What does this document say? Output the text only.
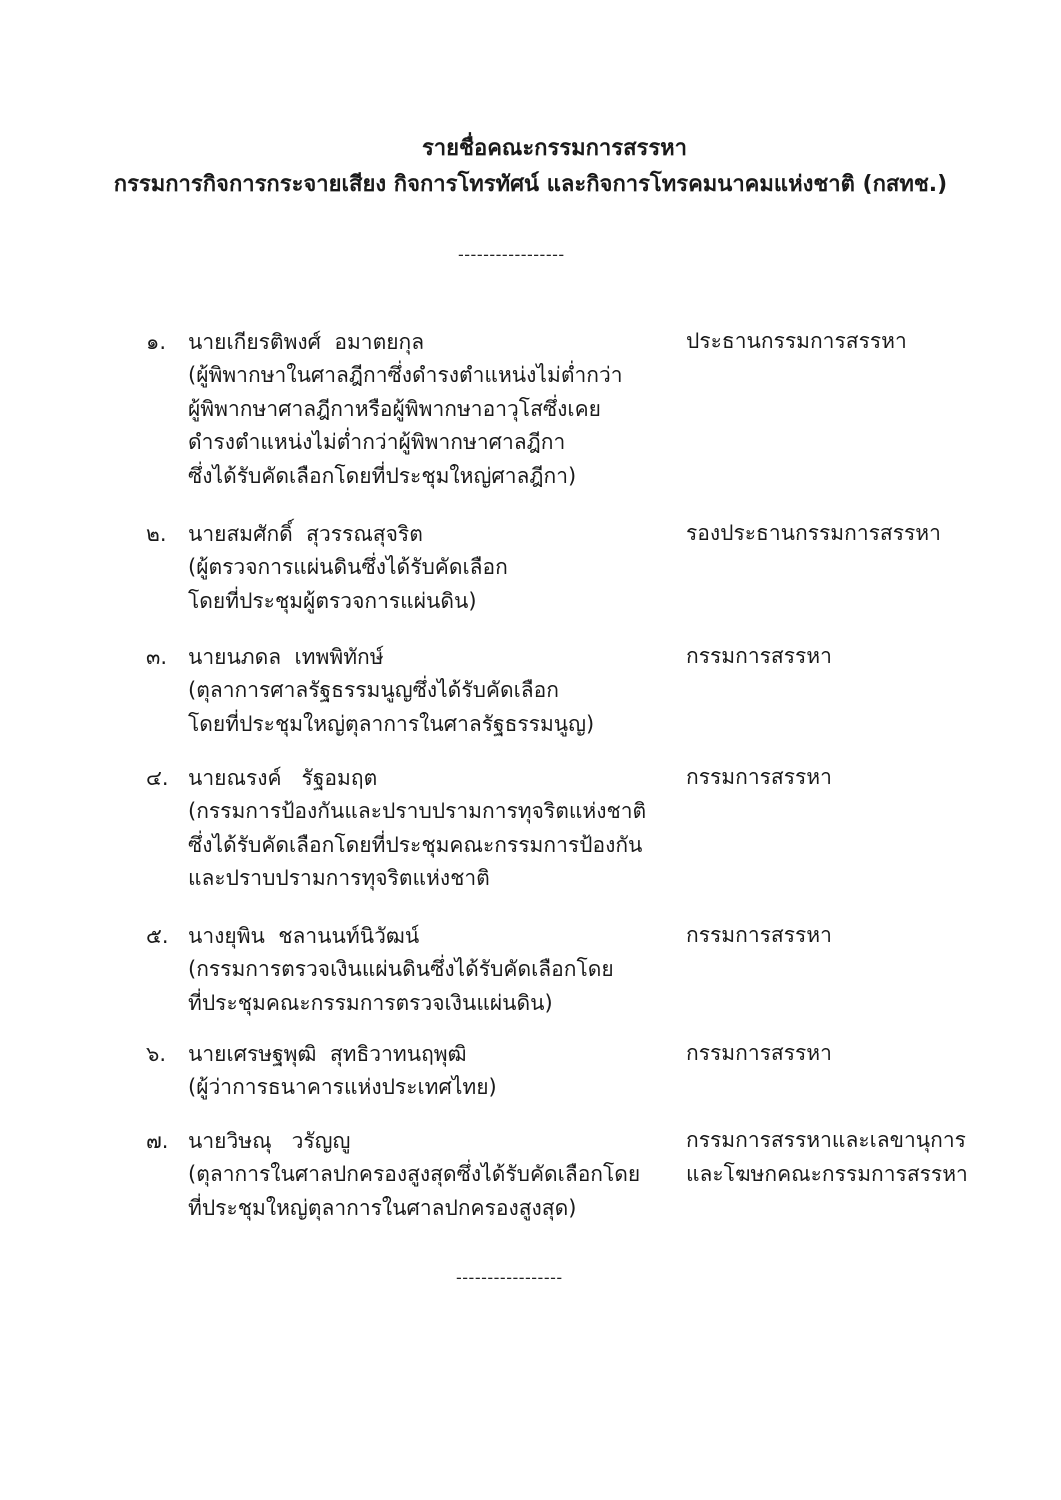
รายชื่อคณะกรรมการสรรหา
กรรมการกิจการกระจายเสียง กิจการโทรทัศน์ และกิจการโทรคมนาคมแห่งชาติ (กสทช.)
-----------------
๑. นายเกียรติพงศ์  อมาตยกุล
(ผู้พิพากษาในศาลฎีกาซึ่งดำรงตำแหน่งไม่ต่ำกว่า
ผู้พิพากษาศาลฎีกาหรือผู้พิพากษาอาวุโสซึ่งเคย
ดำรงตำแหน่งไม่ต่ำกว่าผู้พิพากษาศาลฎีกา
ซึ่งได้รับคัดเลือกโดยที่ประชุมใหญ่ศาลฎีกา)
ประธานกรรมการสรรหา
๒. นายสมศักดิ์  สุวรรณสุจริต
(ผู้ตรวจการแผ่นดินซึ่งได้รับคัดเลือก
โดยที่ประชุมผู้ตรวจการแผ่นดิน)
รองประธานกรรมการสรรหา
๓. นายนภดล  เทพพิทักษ์
(ตุลาการศาลรัฐธรรมนูญซึ่งได้รับคัดเลือก
โดยที่ประชุมใหญ่ตุลาการในศาลรัฐธรรมนูญ)
กรรมการสรรหา
๔. นายณรงค์   รัฐอมฤต
(กรรมการป้องกันและปราบปรามการทุจริตแห่งชาติ
ซึ่งได้รับคัดเลือกโดยที่ประชุมคณะกรรมการป้องกัน
และปราบปรามการทุจริตแห่งชาติ
กรรมการสรรหา
๕. นางยุพิน  ชลานนท์นิวัฒน์
(กรรมการตรวจเงินแผ่นดินซึ่งได้รับคัดเลือกโดย
ที่ประชุมคณะกรรมการตรวจเงินแผ่นดิน)
กรรมการสรรหา
๖. นายเศรษฐพุฒิ  สุทธิวาทนฤพุฒิ
(ผู้ว่าการธนาคารแห่งประเทศไทย)
กรรมการสรรหา
๗. นายวิษณุ   วรัญญู
(ตุลาการในศาลปกครองสูงสุดซึ่งได้รับคัดเลือกโดย
ที่ประชุมใหญ่ตุลาการในศาลปกครองสูงสุด)
กรรมการสรรหาและเลขานุการ
และโฆษกคณะกรรมการสรรหา
-----------------
